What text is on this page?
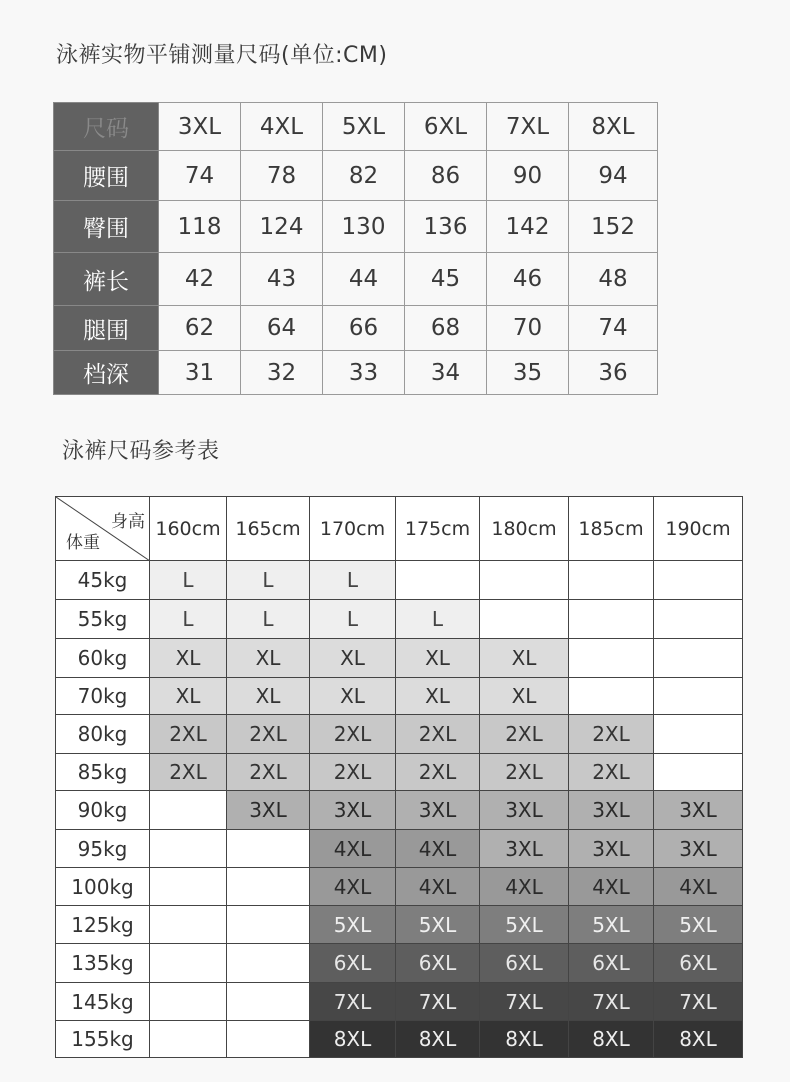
泳裤实物平铺测量尺码(单位:CM)
尺码	3XL	4XL	5XL	6XL	7XL	8XL
腰围	74	78	82	86	90	94
臀围	118	124	130	136	142	152
裤长	42	43	44	45	46	48
腿围	62	64	66	68	70	74
档深	31	32	33	34	35	36
泳裤尺码参考表
身高
体重	160cm	165cm	170cm	175cm	180cm	185cm	190cm
45kg	L	L	L				
55kg	L	L	L	L			
60kg	XL	XL	XL	XL	XL		
70kg	XL	XL	XL	XL	XL		
80kg	2XL	2XL	2XL	2XL	2XL	2XL	
85kg	2XL	2XL	2XL	2XL	2XL	2XL	
90kg		3XL	3XL	3XL	3XL	3XL	3XL
95kg			4XL	4XL	3XL	3XL	3XL
100kg			4XL	4XL	4XL	4XL	4XL
125kg			5XL	5XL	5XL	5XL	5XL
135kg			6XL	6XL	6XL	6XL	6XL
145kg			7XL	7XL	7XL	7XL	7XL
155kg			8XL	8XL	8XL	8XL	8XL
